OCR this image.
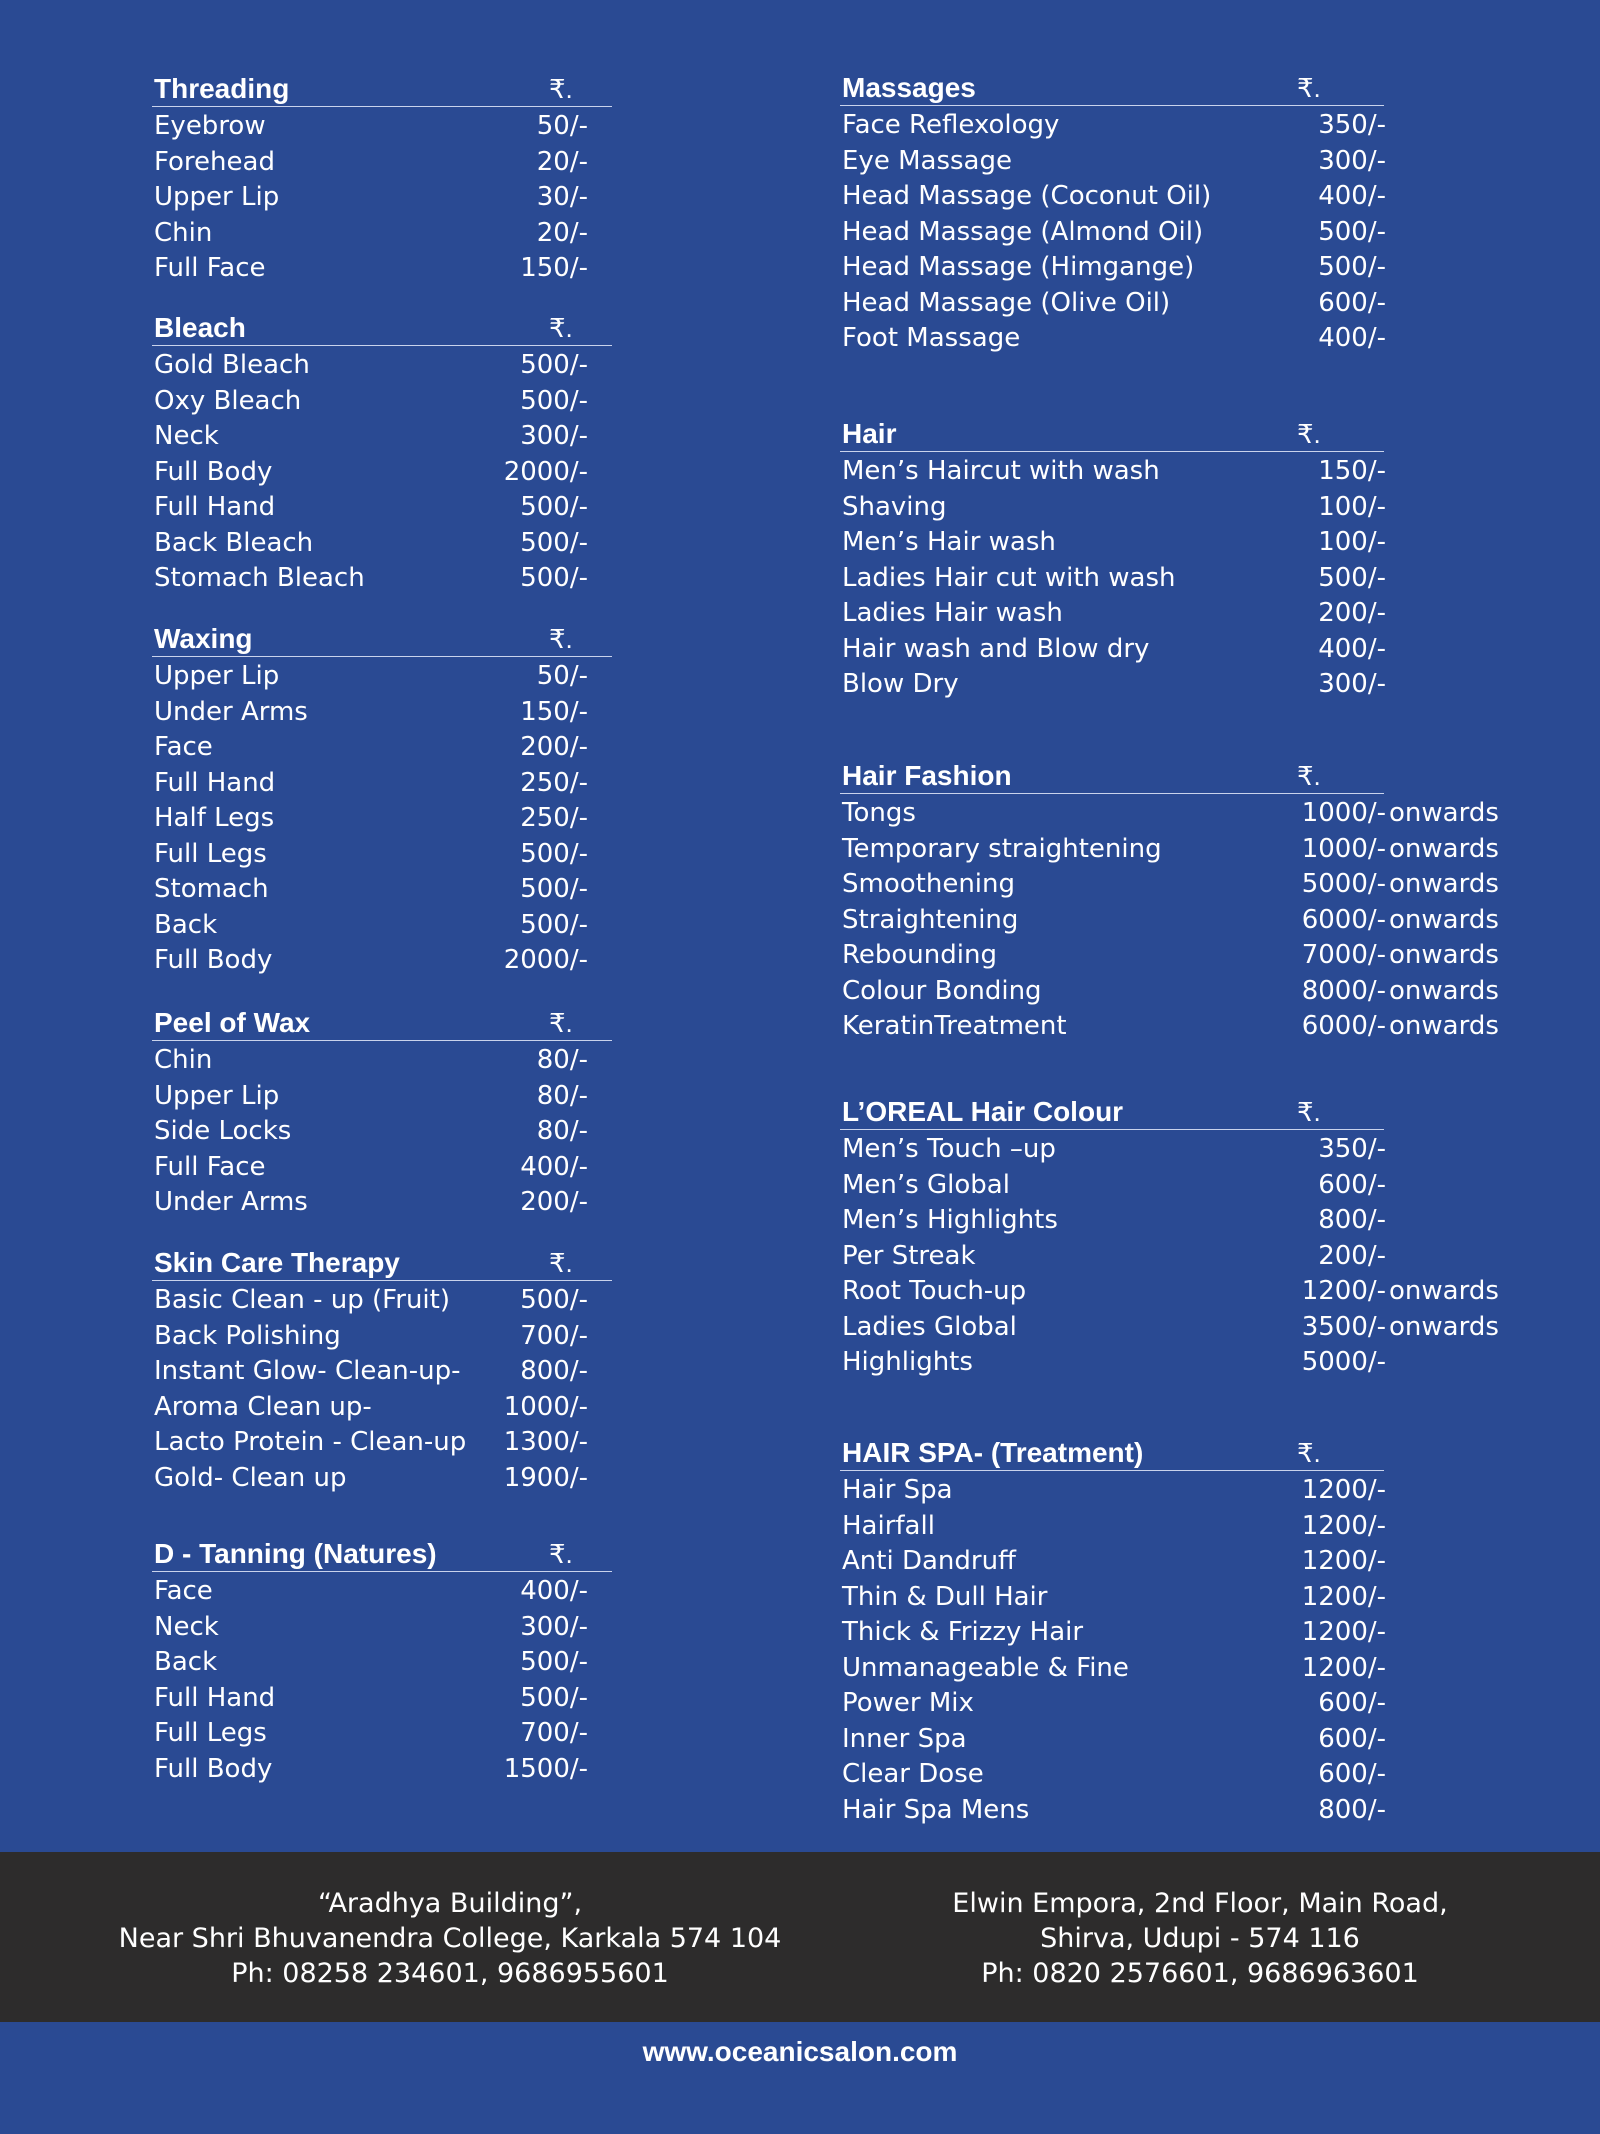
Threading	₹.
Eyebrow	50/-
Forehead	20/-
Upper Lip	30/-
Chin	20/-
Full Face	150/-
Bleach	₹.
Gold Bleach	500/-
Oxy Bleach	500/-
Neck	300/-
Full Body	2000/-
Full Hand	500/-
Back Bleach	500/-
Stomach Bleach	500/-
Waxing	₹.
Upper Lip	50/-
Under Arms	150/-
Face	200/-
Full Hand	250/-
Half Legs	250/-
Full Legs	500/-
Stomach	500/-
Back	500/-
Full Body	2000/-
Peel of Wax	₹.
Chin	80/-
Upper Lip	80/-
Side Locks	80/-
Full Face	400/-
Under Arms	200/-
Skin Care Therapy	₹.
Basic Clean - up (Fruit)	500/-
Back Polishing	700/-
Instant Glow- Clean-up- 800/-
Aroma Clean up-	1000/-
Lacto Protein - Clean-up 1300/-
Gold- Clean up	1900/-
D - Tanning (Natures)	₹.
Face	400/-
Neck	300/-
Back	500/-
Full Hand	500/-
Full Legs	700/-
Full Body	1500/-
Massages	₹.
Face Reflexology	350/-
Eye Massage	300/-
Head Massage (Coconut Oil)	400/-
Head Massage (Almond Oil)	500/-
Head Massage (Himgange)	500/-
Head Massage (Olive Oil)	600/-
Foot Massage	400/-
Hair	₹.
Men’s Haircut with wash	150/-
Shaving	100/-
Men’s Hair wash	100/-
Ladies Hair cut with wash	500/-
Ladies Hair wash	200/-
Hair wash and Blow dry	400/-
Blow Dry	300/-
Hair Fashion	₹.
Tongs	1000/- onwards
Temporary straightening	1000/- onwards
Smoothening	5000/- onwards
Straightening	6000/- onwards
Rebounding	7000/- onwards
Colour Bonding	8000/- onwards
KeratinTreatment	6000/- onwards
L’OREAL Hair Colour	₹.
Men’s Touch –up	350/-
Men’s Global	600/-
Men’s Highlights	800/-
Per Streak	200/-
Root Touch-up	1200/- onwards
Ladies Global	3500/- onwards
Highlights	5000/-
HAIR SPA- (Treatment)	₹.
Hair Spa	1200/-
Hairfall	1200/-
Anti Dandruff	1200/-
Thin & Dull Hair	1200/-
Thick & Frizzy Hair	1200/-
Unmanageable & Fine	1200/-
Power Mix	600/-
Inner Spa	600/-
Clear Dose	600/-
Hair Spa Mens	800/-
“Aradhya Building”,
Near Shri Bhuvanendra College, Karkala 574 104
Ph: 08258 234601, 9686955601
Elwin Empora, 2nd Floor, Main Road,
Shirva, Udupi - 574 116
Ph: 0820 2576601, 9686963601
www.oceanicsalon.com
